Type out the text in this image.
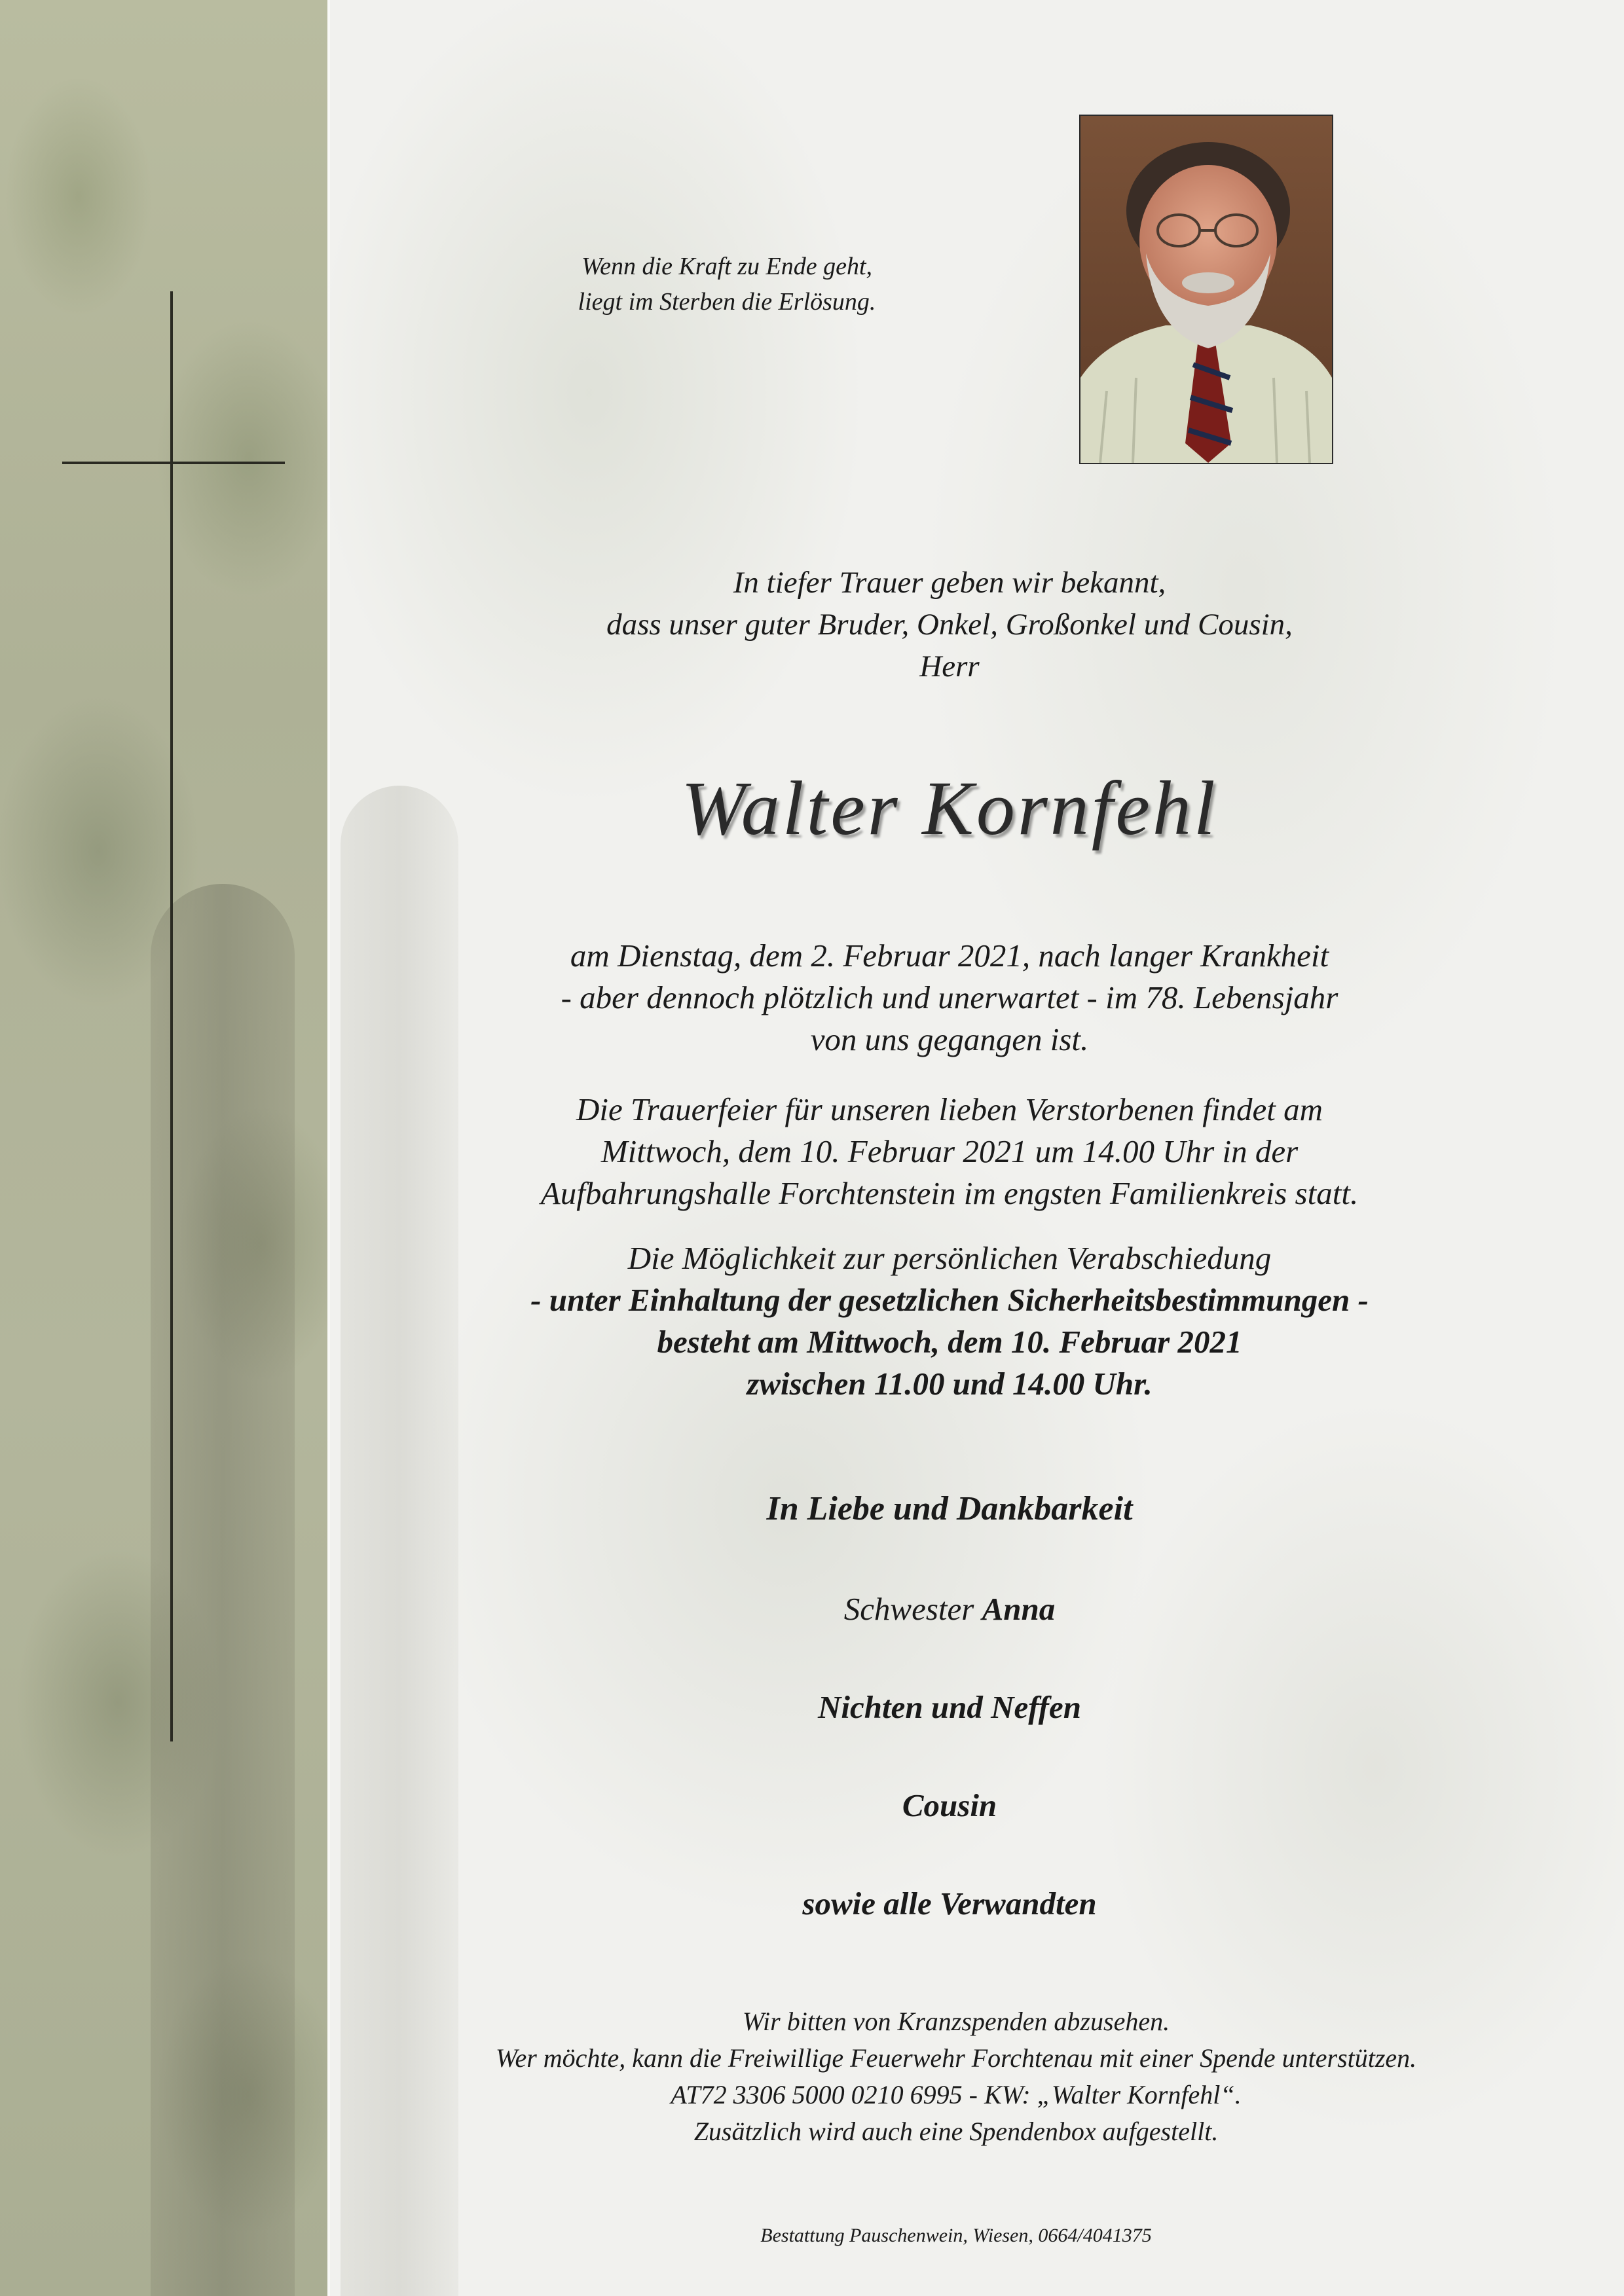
Wenn die Kraft zu Ende geht,
liegt im Sterben die Erlösung.
In tiefer Trauer geben wir bekannt,
dass unser guter Bruder, Onkel, Großonkel und Cousin,
Herr
Walter Kornfehl
am Dienstag, dem 2. Februar 2021, nach langer Krankheit
- aber dennoch plötzlich und unerwartet - im 78. Lebensjahr
von uns gegangen ist.
Die Trauerfeier für unseren lieben Verstorbenen findet am
Mittwoch, dem 10. Februar 2021 um 14.00 Uhr in der
Aufbahrungshalle Forchtenstein im engsten Familienkreis statt.
Die Möglichkeit zur persönlichen Verabschiedung
- unter Einhaltung der gesetzlichen Sicherheitsbestimmungen -
besteht am Mittwoch, dem 10. Februar 2021
zwischen 11.00 und 14.00 Uhr.
In Liebe und Dankbarkeit
Schwester Anna
Nichten und Neffen
Cousin
sowie alle Verwandten
Wir bitten von Kranzspenden abzusehen.
Wer möchte, kann die Freiwillige Feuerwehr Forchtenau mit einer Spende unterstützen.
AT72 3306 5000 0210 6995 - KW: „Walter Kornfehl“.
Zusätzlich wird auch eine Spendenbox aufgestellt.
Bestattung Pauschenwein, Wiesen, 0664/4041375
